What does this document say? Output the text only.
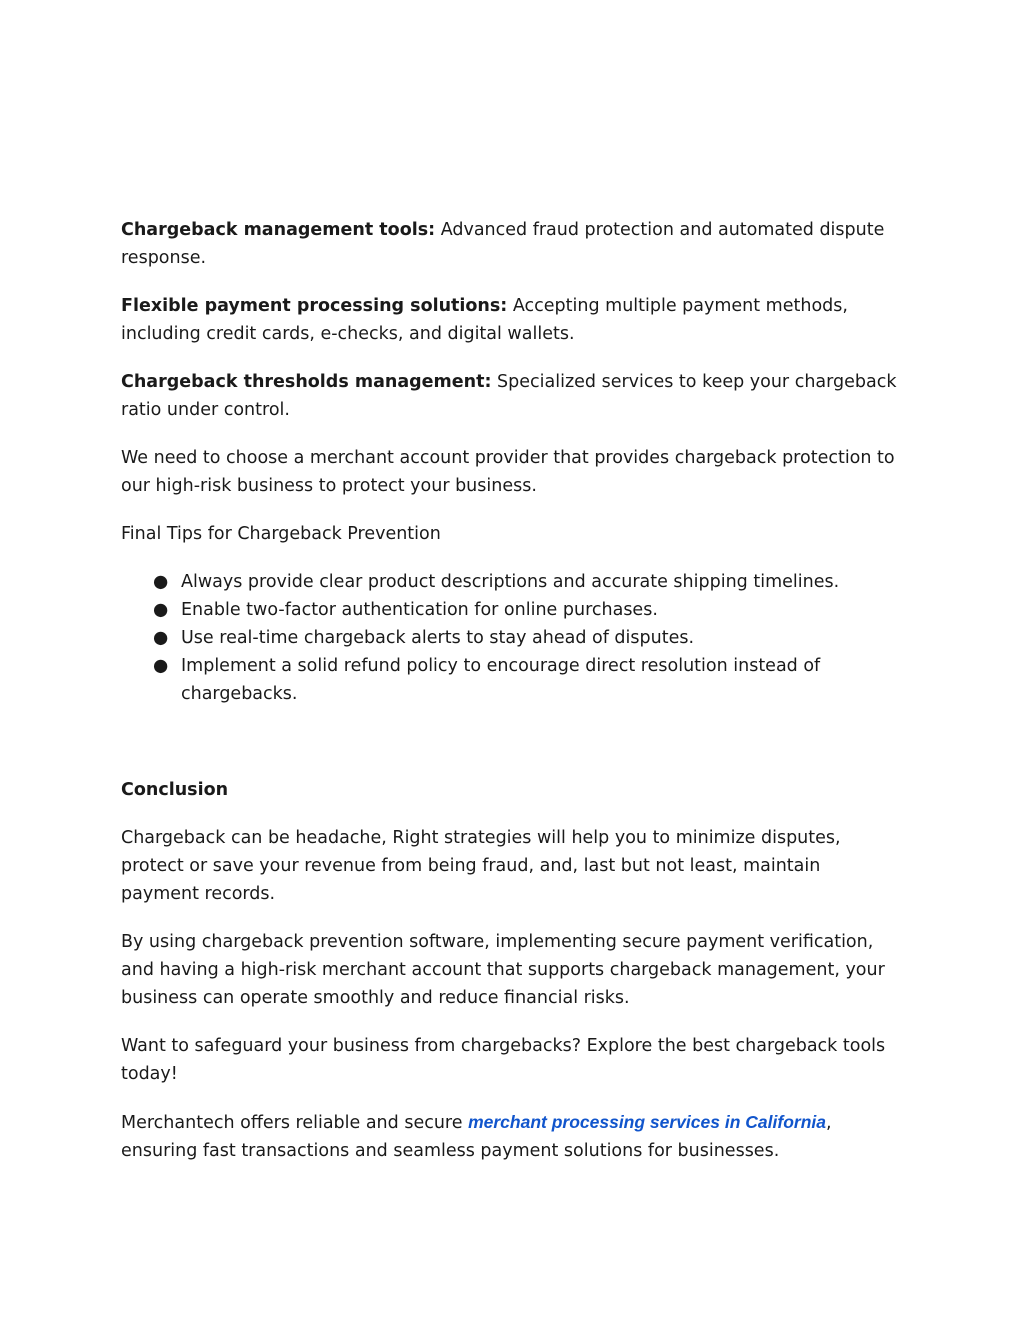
Chargeback management tools: Advanced fraud protection and automated dispute response.

Flexible payment processing solutions: Accepting multiple payment methods, including credit cards, e-checks, and digital wallets.

Chargeback thresholds management: Specialized services to keep your chargeback ratio under control.

We need to choose a merchant account provider that provides chargeback protection to our high-risk business to protect your business.

Final Tips for Chargeback Prevention

● Always provide clear product descriptions and accurate shipping timelines.
● Enable two-factor authentication for online purchases.
● Use real-time chargeback alerts to stay ahead of disputes.
● Implement a solid refund policy to encourage direct resolution instead of chargebacks.

Conclusion

Chargeback can be headache, Right strategies will help you to minimize disputes, protect or save your revenue from being fraud, and, last but not least, maintain payment records.

By using chargeback prevention software, implementing secure payment verification, and having a high-risk merchant account that supports chargeback management, your business can operate smoothly and reduce financial risks.

Want to safeguard your business from chargebacks? Explore the best chargeback tools today!

Merchantech offers reliable and secure merchant processing services in California, ensuring fast transactions and seamless payment solutions for businesses.
